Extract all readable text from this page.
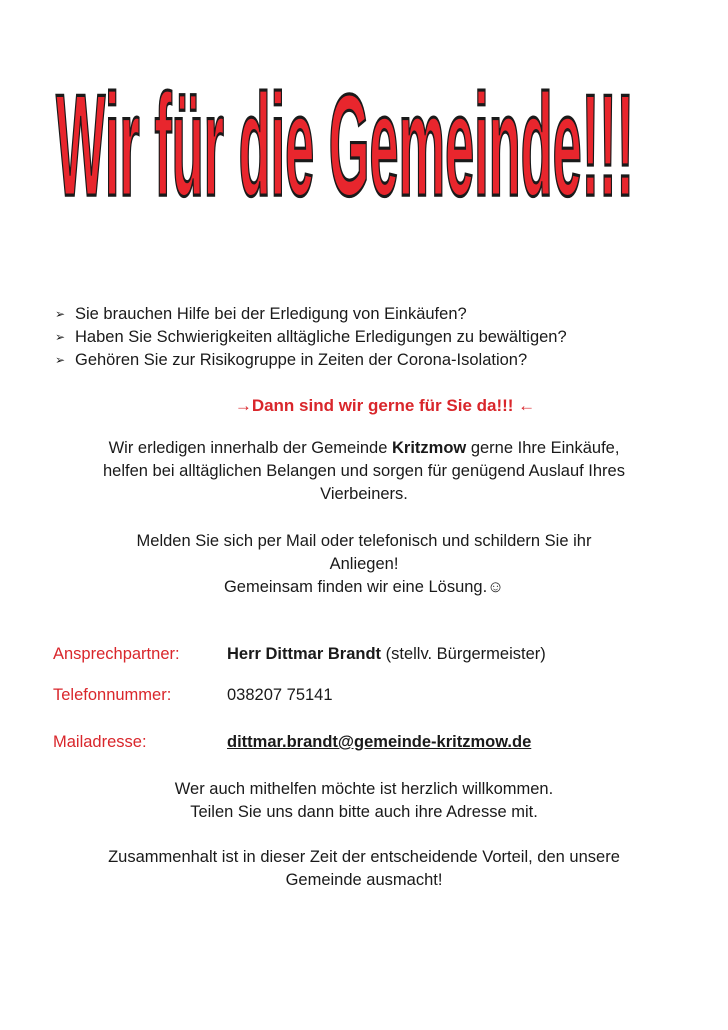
Wir für die Gemeinde!!!
➢ Sie brauchen Hilfe bei der Erledigung von Einkäufen?
➢ Haben Sie Schwierigkeiten alltägliche Erledigungen zu bewältigen?
➢ Gehören Sie zur Risikogruppe in Zeiten der Corona-Isolation?
→Dann sind wir gerne für Sie da!!! ←
Wir erledigen innerhalb der Gemeinde Kritzmow gerne Ihre Einkäufe,
helfen bei alltäglichen Belangen und sorgen für genügend Auslauf Ihres
Vierbeiners.
Melden Sie sich per Mail oder telefonisch und schildern Sie ihr
Anliegen!
Gemeinsam finden wir eine Lösung.☺
Ansprechpartner:	Herr Dittmar Brandt (stellv. Bürgermeister)
Telefonnummer:	038207 75141
Mailadresse:	dittmar.brandt@gemeinde-kritzmow.de
Wer auch mithelfen möchte ist herzlich willkommen.
Teilen Sie uns dann bitte auch ihre Adresse mit.
Zusammenhalt ist in dieser Zeit der entscheidende Vorteil, den unsere
Gemeinde ausmacht!
